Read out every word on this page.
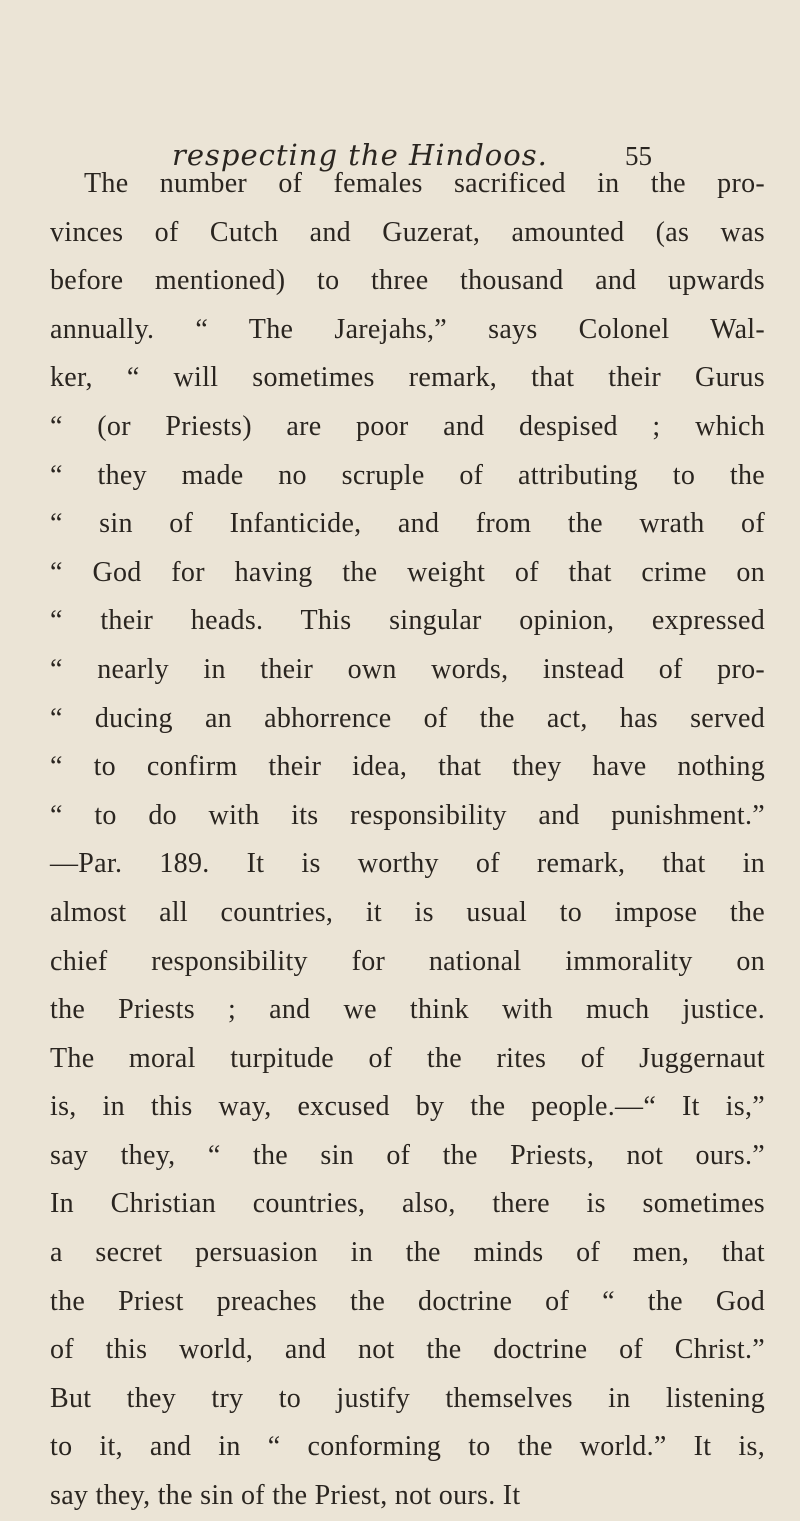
respecting the Hindoos.	55
The number of females sacrificed in the pro-
vinces of Cutch and Guzerat, amounted (as was
before mentioned) to three thousand and upwards
annually. “ The Jarejahs,” says Colonel Wal-
ker, “ will sometimes remark, that their Gurus
“ (or Priests) are poor and despised ; which
“ they made no scruple of attributing to the
“ sin of Infanticide, and from the wrath of
“ God for having the weight of that crime on
“ their heads. This singular opinion, expressed
“ nearly in their own words, instead of pro-
“ ducing an abhorrence of the act, has served
“ to confirm their idea, that they have nothing
“ to do with its responsibility and punishment.”
—Par. 189. It is worthy of remark, that in
almost all countries, it is usual to impose the
chief responsibility for national immorality on
the Priests ; and we think with much justice.
The moral turpitude of the rites of Juggernaut
is, in this way, excused by the people.—“ It is,”
say they, “ the sin of the Priests, not ours.”
In Christian countries, also, there is sometimes
a secret persuasion in the minds of men, that
the Priest preaches the doctrine of “ the God
of this world, and not the doctrine of Christ.”
But they try to justify themselves in listening
to it, and in “ conforming to the world.” It is,
say they, the sin of the Priest, not ours. It
